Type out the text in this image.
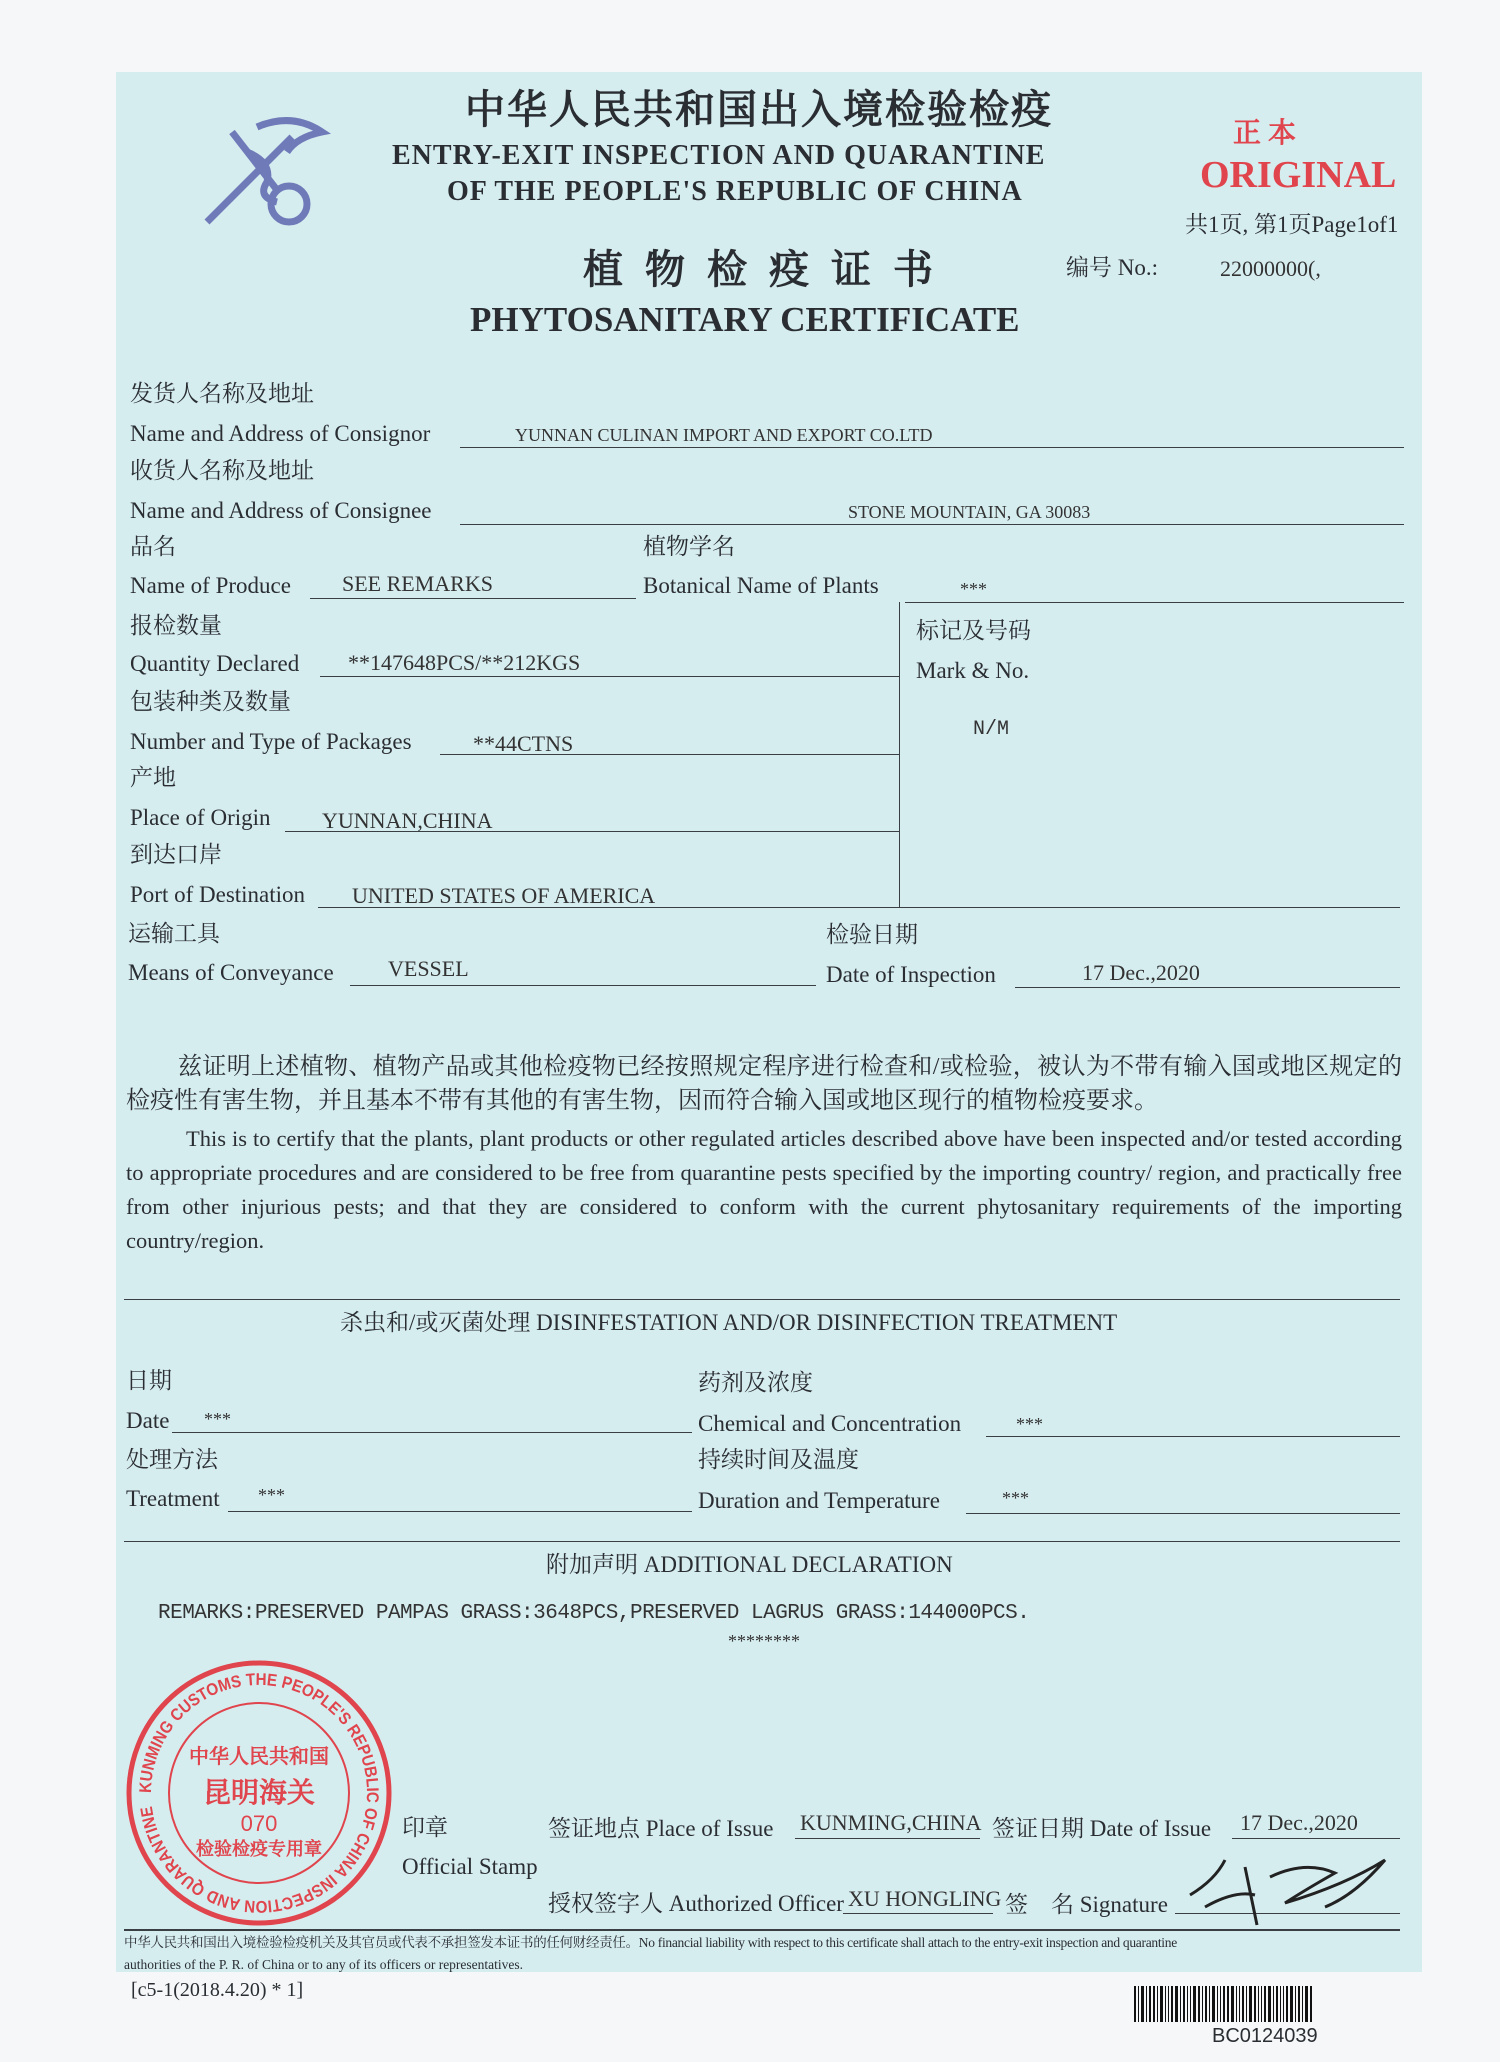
中华人民共和国出入境检验检疫
ENTRY-EXIT INSPECTION AND QUARANTINE
OF THE PEOPLE'S REPUBLIC OF CHINA
正 本
ORIGINAL
共1页, 第1页Page1of1
植 物 检 疫 证 书
PHYTOSANITARY CERTIFICATE
编号 No.:	22000000(,
发货人名称及地址
Name and Address of Consignor	YUNNAN CULINAN IMPORT AND EXPORT CO.LTD
收货人名称及地址
Name and Address of Consignee	STONE MOUNTAIN, GA 30083
品名
Name of Produce SEE REMARKS
植物学名
Botanical Name of Plants	***
标记及号码
Mark & No.
N/M
报检数量
Quantity Declared **147648PCS/**212KGS
包装种类及数量
Number and Type of Packages	**44CTNS
产地
Place of Origin YUNNAN,CHINA
到达口岸
Port of Destination UNITED STATES OF AMERICA
运输工具
Means of Conveyance VESSEL
检验日期
Date of Inspection	17 Dec.,2020
兹证明上述植物、植物产品或其他检疫物已经按照规定程序进行检查和/或检验，被认为不带有输入国或地区规定的检疫性有害生物，并且基本不带有其他的有害生物，因而符合输入国或地区现行的植物检疫要求。
This is to certify that the plants, plant products or other regulated articles described above have been inspected and/or tested according to appropriate procedures and are considered to be free from quarantine pests specified by the importing country/ region, and practically free from other injurious pests; and that they are considered to conform with the current phytosanitary requirements of the importing country/region.
杀虫和/或灭菌处理 DISINFESTATION AND/OR DISINFECTION TREATMENT
日期
Date ***
药剂及浓度
Chemical and Concentration	***
处理方法
Treatment ***
持续时间及温度
Duration and Temperature	***
附加声明 ADDITIONAL DECLARATION
REMARKS:PRESERVED PAMPAS GRASS:3648PCS,PRESERVED LAGRUS GRASS:144000PCS.
********
KUNMING CUSTOMS THE PEOPLE'S REPUBLIC OF CHINA INSPECTION AND QUARANTINE
中华人民共和国
昆明海关
070
检验检疫专用章
印章
Official Stamp
签证地点 Place of Issue KUNMING,CHINA 签证日期 Date of Issue 17 Dec.,2020
授权签字人 Authorized Officer XU HONGLING 签    名 Signature
中华人民共和国出入境检验检疫机关及其官员或代表不承担签发本证书的任何财经责任。No financial liability with respect to this certificate shall attach to the entry-exit inspection and quarantine
authorities of the P. R. of China or to any of its officers or representatives.
[c5-1(2018.4.20) * 1]
BC0124039
